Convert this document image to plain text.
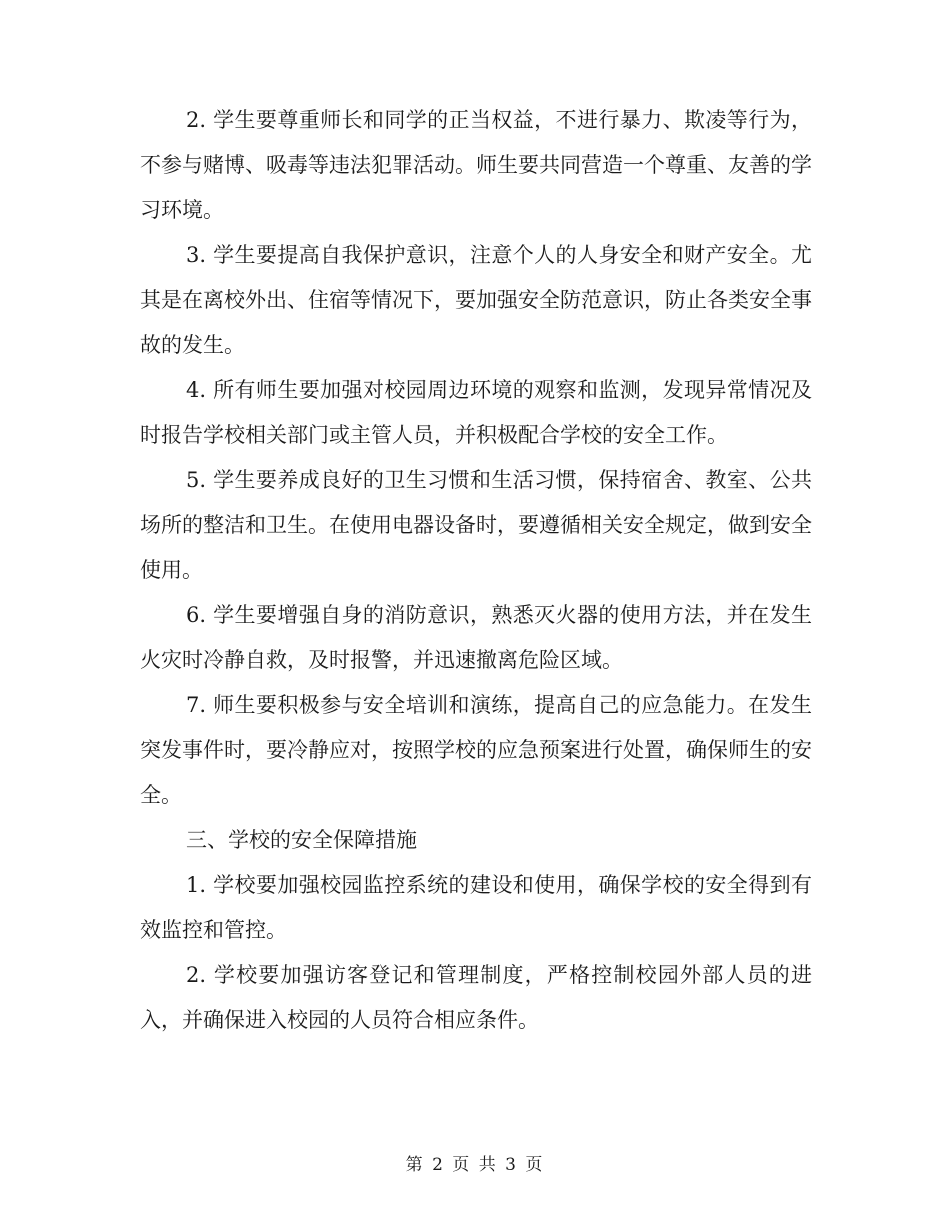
2. 学生要尊重师长和同学的正当权益，不进行暴力、欺凌等行为，不参与赌博、吸毒等违法犯罪活动。师生要共同营造一个尊重、友善的学习环境。

3. 学生要提高自我保护意识，注意个人的人身安全和财产安全。尤其是在离校外出、住宿等情况下，要加强安全防范意识，防止各类安全事故的发生。

4. 所有师生要加强对校园周边环境的观察和监测，发现异常情况及时报告学校相关部门或主管人员，并积极配合学校的安全工作。

5. 学生要养成良好的卫生习惯和生活习惯，保持宿舍、教室、公共场所的整洁和卫生。在使用电器设备时，要遵循相关安全规定，做到安全使用。

6. 学生要增强自身的消防意识，熟悉灭火器的使用方法，并在发生火灾时冷静自救，及时报警，并迅速撤离危险区域。

7. 师生要积极参与安全培训和演练，提高自己的应急能力。在发生突发事件时，要冷静应对，按照学校的应急预案进行处置，确保师生的安全。

三、学校的安全保障措施

1. 学校要加强校园监控系统的建设和使用，确保学校的安全得到有效监控和管控。

2. 学校要加强访客登记和管理制度，严格控制校园外部人员的进入，并确保进入校园的人员符合相应条件。

第 2 页 共 3 页
